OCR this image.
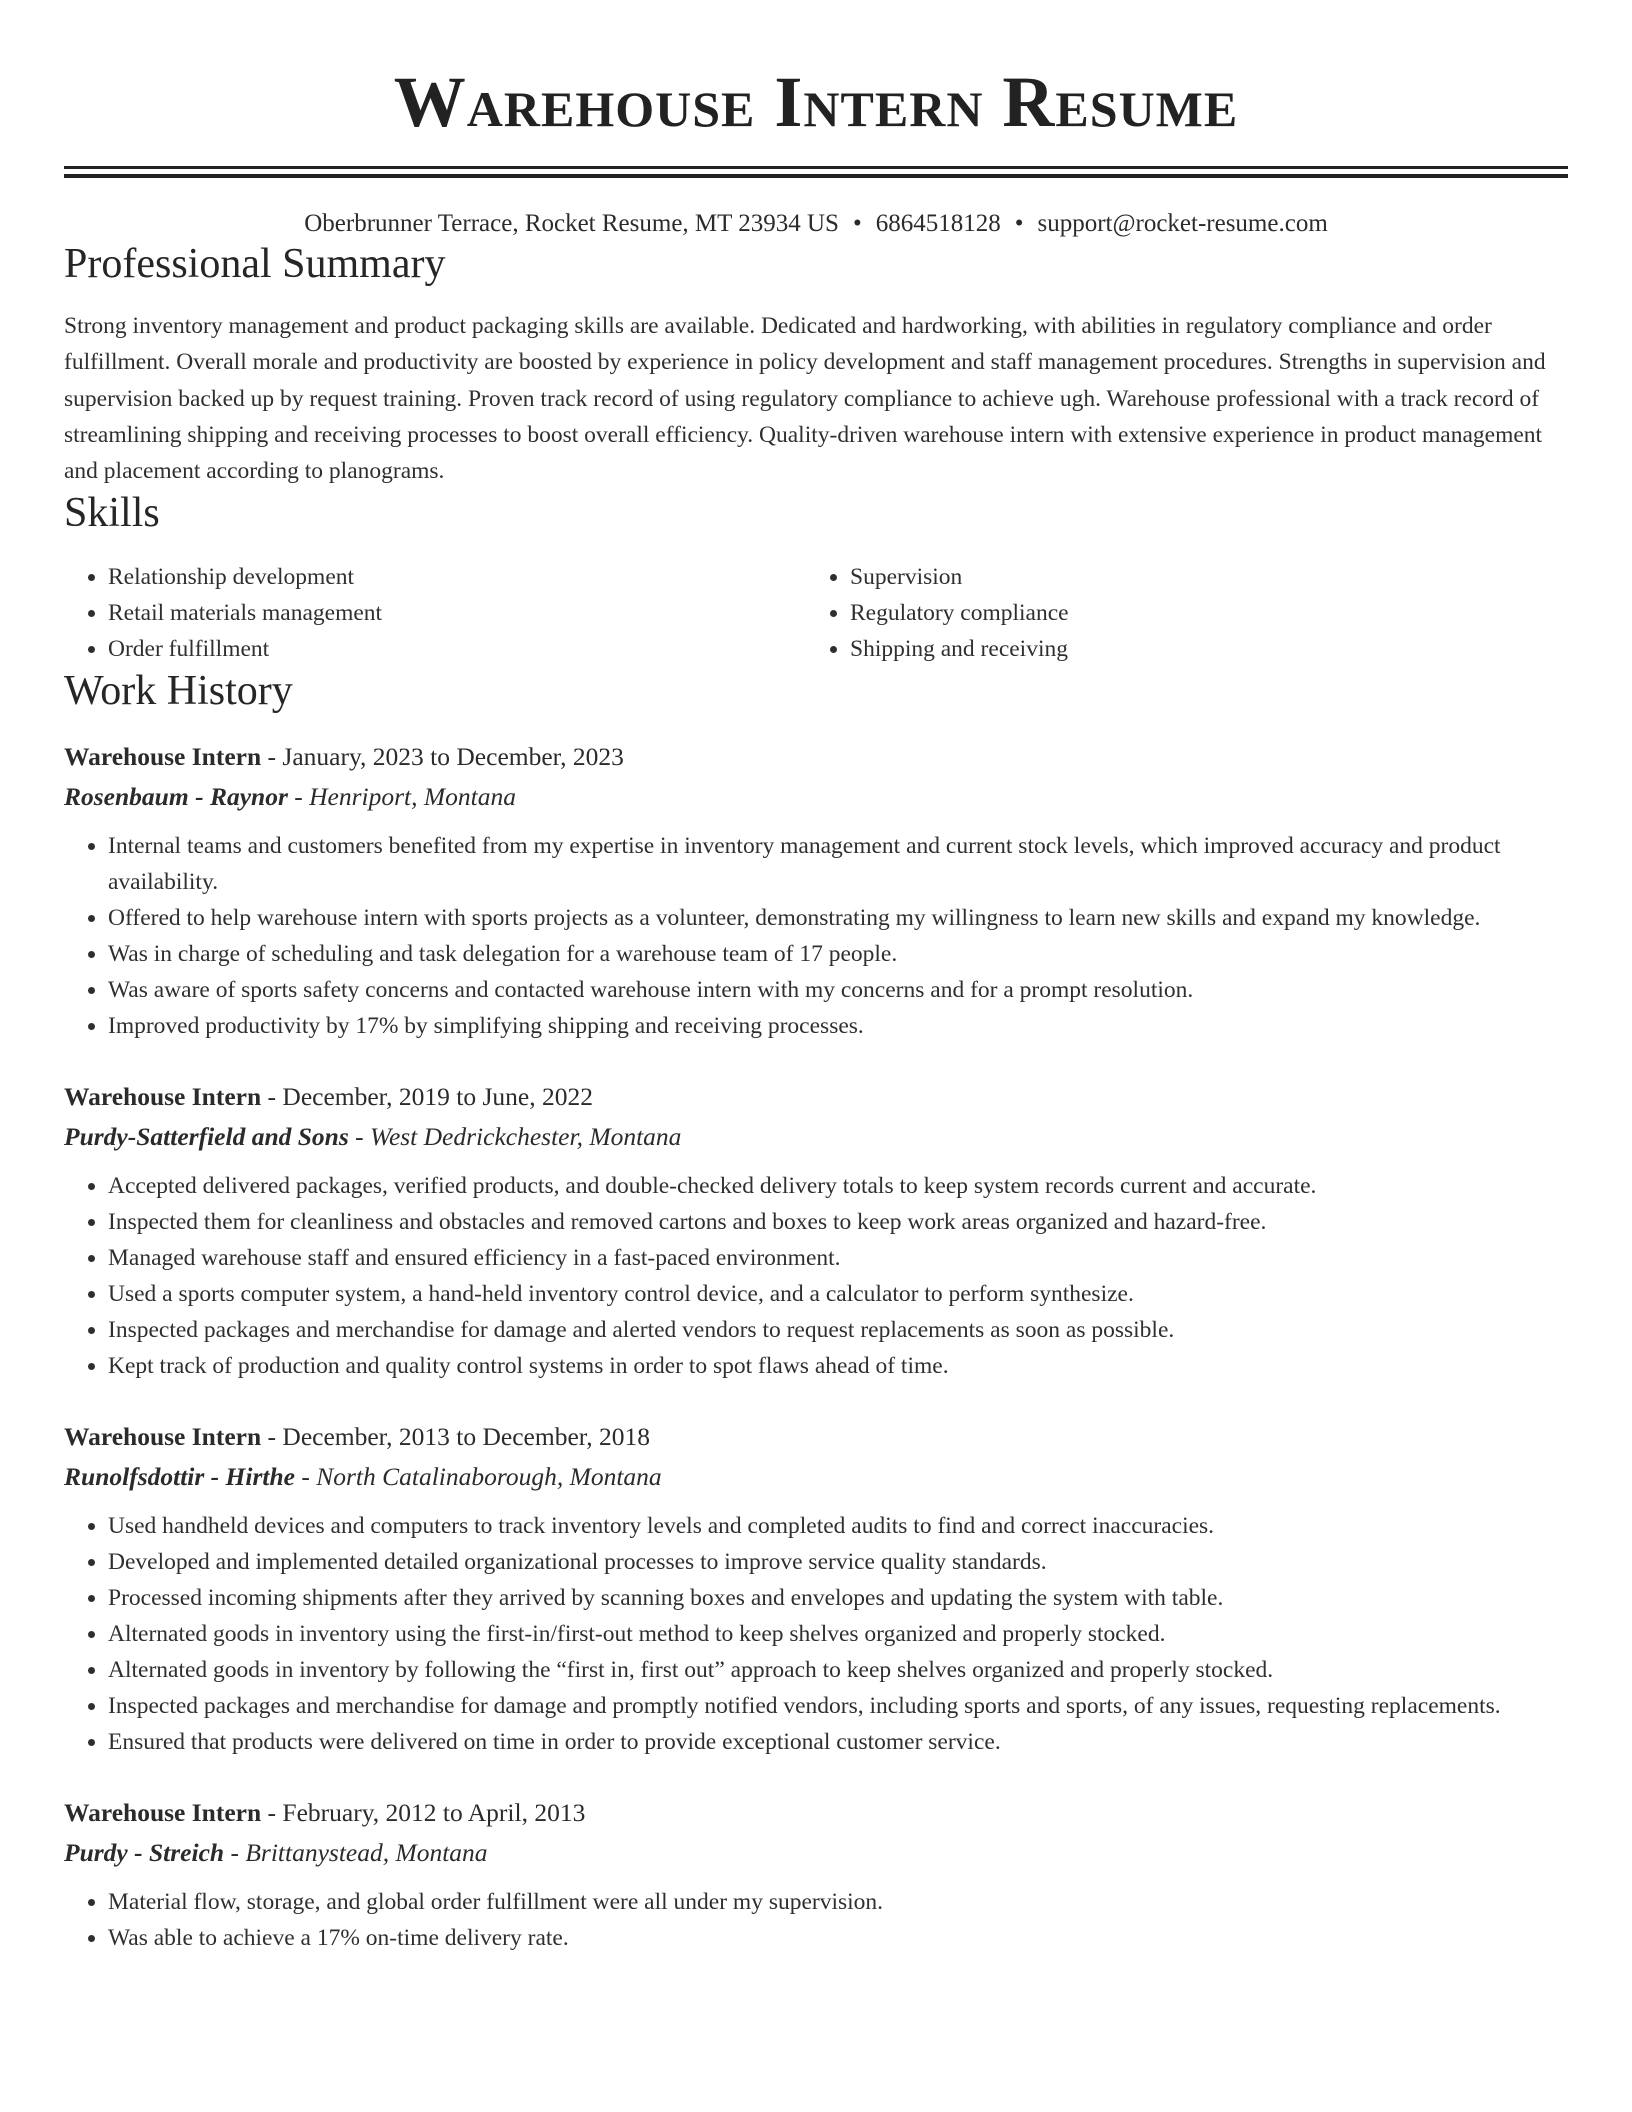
Warehouse Intern Resume
Oberbrunner Terrace, Rocket Resume, MT 23934 US • 6864518128 • support@rocket-resume.com
Professional Summary

Strong inventory management and product packaging skills are available. Dedicated and hardworking, with abilities in regulatory compliance and order fulfillment. Overall morale and productivity are boosted by experience in policy development and staff management procedures. Strengths in supervision and supervision backed up by request training. Proven track record of using regulatory compliance to achieve ugh. Warehouse professional with a track record of streamlining shipping and receiving processes to boost overall efficiency. Quality-driven warehouse intern with extensive experience in product management and placement according to planograms.

Skills
• Relationship development
• Retail materials management
• Order fulfillment
• Supervision
• Regulatory compliance
• Shipping and receiving
Work History
Warehouse Intern - January, 2023 to December, 2023
Rosenbaum - Raynor - Henriport, Montana
• Internal teams and customers benefited from my expertise in inventory management and current stock levels, which improved accuracy and product availability.
• Offered to help warehouse intern with sports projects as a volunteer, demonstrating my willingness to learn new skills and expand my knowledge.
• Was in charge of scheduling and task delegation for a warehouse team of 17 people.
• Was aware of sports safety concerns and contacted warehouse intern with my concerns and for a prompt resolution.
• Improved productivity by 17% by simplifying shipping and receiving processes.
Warehouse Intern - December, 2019 to June, 2022
Purdy-Satterfield and Sons - West Dedrickchester, Montana
• Accepted delivered packages, verified products, and double-checked delivery totals to keep system records current and accurate.
• Inspected them for cleanliness and obstacles and removed cartons and boxes to keep work areas organized and hazard-free.
• Managed warehouse staff and ensured efficiency in a fast-paced environment.
• Used a sports computer system, a hand-held inventory control device, and a calculator to perform synthesize.
• Inspected packages and merchandise for damage and alerted vendors to request replacements as soon as possible.
• Kept track of production and quality control systems in order to spot flaws ahead of time.
Warehouse Intern - December, 2013 to December, 2018
Runolfsdottir - Hirthe - North Catalinaborough, Montana
• Used handheld devices and computers to track inventory levels and completed audits to find and correct inaccuracies.
• Developed and implemented detailed organizational processes to improve service quality standards.
• Processed incoming shipments after they arrived by scanning boxes and envelopes and updating the system with table.
• Alternated goods in inventory using the first-in/first-out method to keep shelves organized and properly stocked.
• Alternated goods in inventory by following the “first in, first out” approach to keep shelves organized and properly stocked.
• Inspected packages and merchandise for damage and promptly notified vendors, including sports and sports, of any issues, requesting replacements.
• Ensured that products were delivered on time in order to provide exceptional customer service.
Warehouse Intern - February, 2012 to April, 2013
Purdy - Streich - Brittanystead, Montana
• Material flow, storage, and global order fulfillment were all under my supervision.
• Was able to achieve a 17% on-time delivery rate.
